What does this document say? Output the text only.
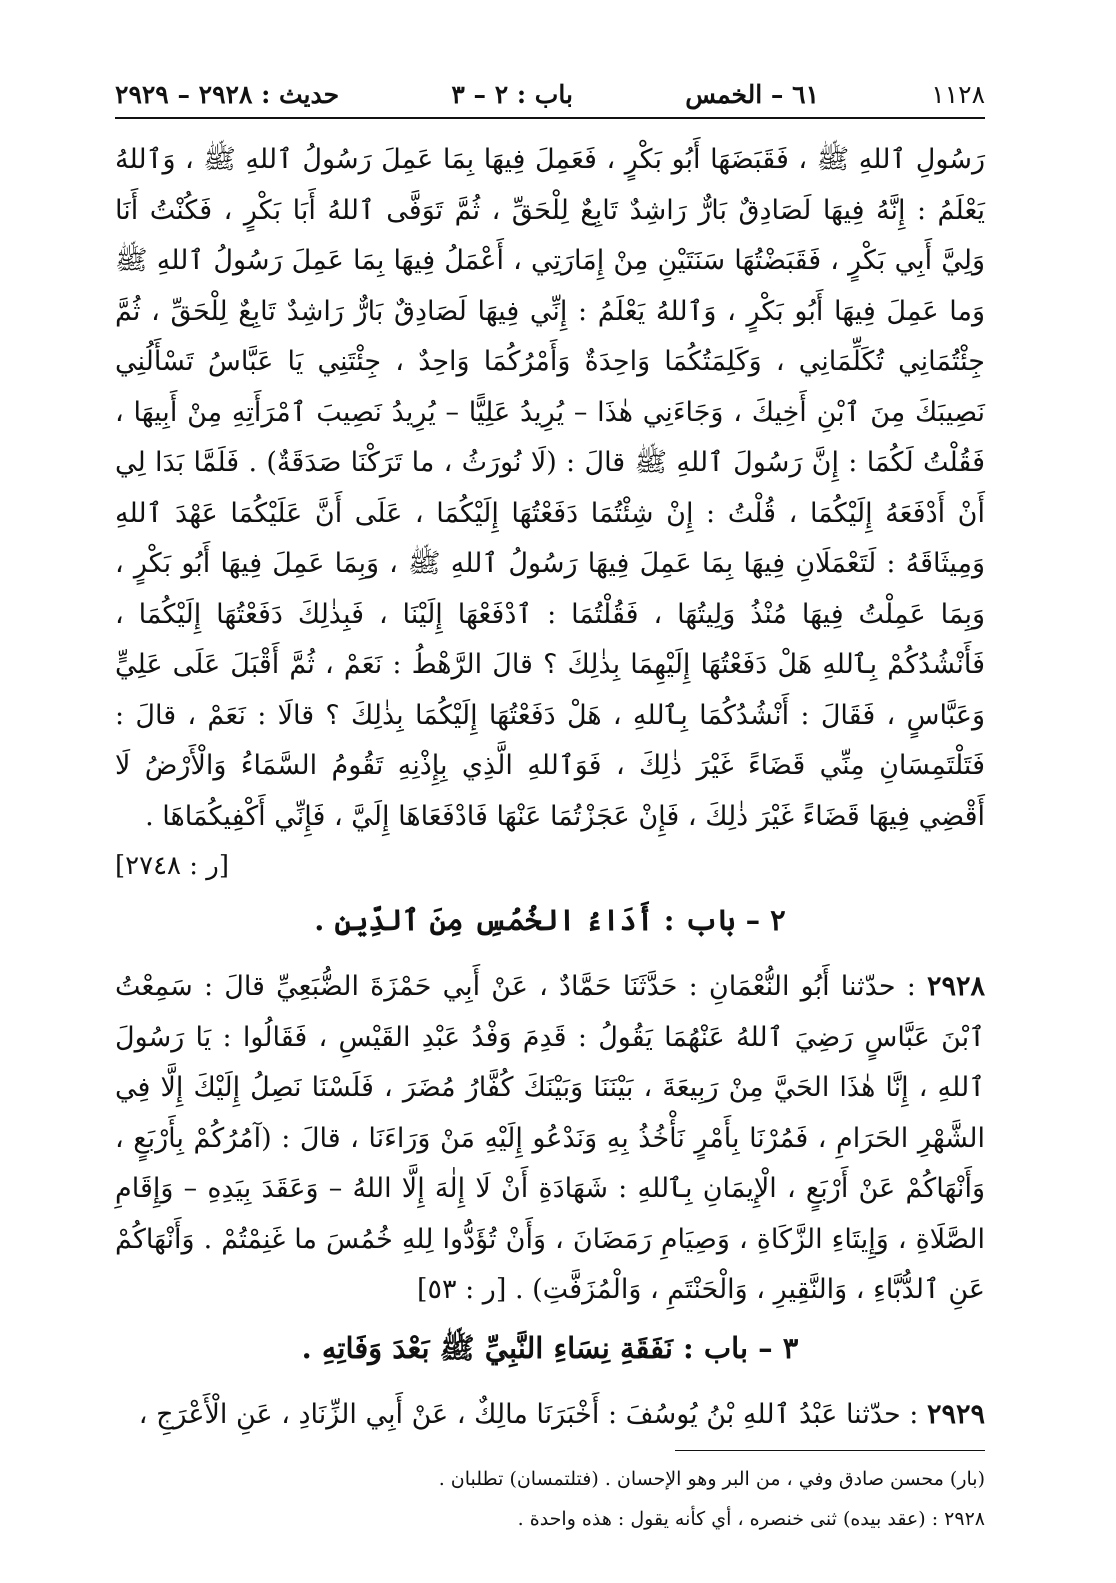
١١٢٨
٦١ – الخمس
باب : ٢ – ٣
حديث : ٢٩٢٨ – ٢٩٢٩

رَسُولِ ٱللهِ ﷺ ، فَقَبَضَهَا أَبُو بَكْرٍ ، فَعَمِلَ فِيهَا بِمَا عَمِلَ رَسُولُ ٱللهِ ﷺ ، وَٱللهُ يَعْلَمُ : إِنَّهُ فِيهَا لَصَادِقٌ بَارٌّ رَاشِدٌ تَابِعٌ لِلْحَقِّ ، ثُمَّ تَوَفَّى ٱللهُ أَبَا بَكْرٍ ، فَكُنْتُ أَنَا وَلِيَّ أَبِي بَكْرٍ ، فَقَبَضْتُهَا سَنَتَيْنِ مِنْ إِمَارَتِي ، أَعْمَلُ فِيهَا بِمَا عَمِلَ رَسُولُ ٱللهِ ﷺ وَما عَمِلَ فِيهَا أَبُو بَكْرٍ ، وَٱللهُ يَعْلَمُ : إِنِّي فِيهَا لَصَادِقٌ بَارٌّ رَاشِدٌ تَابِعٌ لِلْحَقِّ ، ثُمَّ جِئْتُمَانِي تُكَلِّمَانِي ، وَكَلِمَتُكُمَا وَاحِدَةٌ وَأَمْرُكُمَا وَاحِدٌ ، جِئْتَنِي يَا عَبَّاسُ تَسْأَلُنِي نَصِيبَكَ مِنَ ٱبْنِ أَخِيكَ ، وَجَاءَنِي هٰذَا – يُرِيدُ عَلِيًّا – يُرِيدُ نَصِيبَ ٱمْرَأَتِهِ مِنْ أَبِيهَا ، فَقُلْتُ لَكُمَا : إِنَّ رَسُولَ ٱللهِ ﷺ قالَ : (لَا نُورَثُ ، ما تَرَكْنَا صَدَقَةٌ) . فَلَمَّا بَدَا لِي أَنْ أَدْفَعَهُ إِلَيْكُمَا ، قُلْتُ : إِنْ شِئْتُمَا دَفَعْتُهَا إِلَيْكُمَا ، عَلَى أَنَّ عَلَيْكُمَا عَهْدَ ٱللهِ وَمِيثَاقَهُ : لَتَعْمَلَانِ فِيهَا بِمَا عَمِلَ فِيهَا رَسُولُ ٱللهِ ﷺ ، وَبِمَا عَمِلَ فِيهَا أَبُو بَكْرٍ ، وَبِمَا عَمِلْتُ فِيهَا مُنْذُ وَلِيتُهَا ، فَقُلْتُمَا : ٱدْفَعْهَا إِلَيْنَا ، فَبِذٰلِكَ دَفَعْتُهَا إِلَيْكُمَا ، فَأَنْشُدُكُمْ بِٱللهِ هَلْ دَفَعْتُهَا إِلَيْهِمَا بِذٰلِكَ ؟ قالَ الرَّهْطُ : نَعَمْ ، ثُمَّ أَقْبَلَ عَلَى عَلِيٍّ وَعَبَّاسٍ ، فَقَالَ : أَنْشُدُكُمَا بِٱللهِ ، هَلْ دَفَعْتُهَا إِلَيْكُمَا بِذٰلِكَ ؟ قالَا : نَعَمْ ، قالَ : فَتَلْتَمِسَانِ مِنِّي قَضَاءً غَيْرَ ذٰلِكَ ، فَوَٱللهِ الَّذِي بِإِذْنِهِ تَقُومُ السَّمَاءُ وَالْأَرْضُ لَا أَقْضِي فِيهَا قَضَاءً غَيْرَ ذٰلِكَ ، فَإِنْ عَجَزْتُمَا عَنْهَا فَادْفَعَاهَا إِلَيَّ ، فَإِنِّي أَكْفِيكُمَاهَا .

[ر : ٢٧٤٨]
٢ – باب : أَدَاءُ الخُمُسِ مِنَ ٱلدِّينِ .

٢٩٢٨ : حدّثنا أَبُو النُّعْمَانِ : حَدَّثَنَا حَمَّادٌ ، عَنْ أَبِي حَمْزَةَ الضُّبَعِيِّ قالَ : سَمِعْتُ ٱبْنَ عَبَّاسٍ رَضِيَ ٱللهُ عَنْهُمَا يَقُولُ : قَدِمَ وَفْدُ عَبْدِ القَيْسِ ، فَقَالُوا : يَا رَسُولَ ٱللهِ ، إِنَّا هٰذَا الحَيَّ مِنْ رَبِيعَةَ ، بَيْنَنَا وَبَيْنَكَ كُفَّارُ مُضَرَ ، فَلَسْنَا نَصِلُ إِلَيْكَ إِلَّا فِي الشَّهْرِ الحَرَامِ ، فَمُرْنَا بِأَمْرٍ نَأْخُذُ بِهِ وَنَدْعُو إِلَيْهِ مَنْ وَرَاءَنَا ، قالَ : (آمُرُكُمْ بِأَرْبَعٍ ، وَأَنْهَاكُمْ عَنْ أَرْبَعٍ ، الْإِيمَانِ بِٱللهِ : شَهَادَةِ أَنْ لَا إِلٰهَ إِلَّا اللهُ – وَعَقَدَ بِيَدِهِ – وَإِقَامِ الصَّلَاةِ ، وَإِيتَاءِ الزَّكَاةِ ، وَصِيَامِ رَمَضَانَ ، وَأَنْ تُؤَدُّوا لِلهِ خُمُسَ ما غَنِمْتُمْ . وَأَنْهَاكُمْ عَنِ ٱلدُّبَّاءِ ، وَالنَّقِيرِ ، وَالْحَنْتَمِ ، وَالْمُزَفَّتِ) . [ر : ٥٣]

٣ – باب : نَفَقَةِ نِسَاءِ النَّبِيِّ ﷺ بَعْدَ وَفَاتِهِ .

٢٩٢٩ : حدّثنا عَبْدُ ٱللهِ بْنُ يُوسُفَ : أَخْبَرَنَا مالِكٌ ، عَنْ أَبِي الزِّنَادِ ، عَنِ الْأَعْرَجِ ،

(بار) محسن صادق وفي ، من البر وهو الإحسان . (فتلتمسان) تطلبان .
٢٩٢٨ : (عقد بيده) ثنى خنصره ، أي كأنه يقول : هذه واحدة .
